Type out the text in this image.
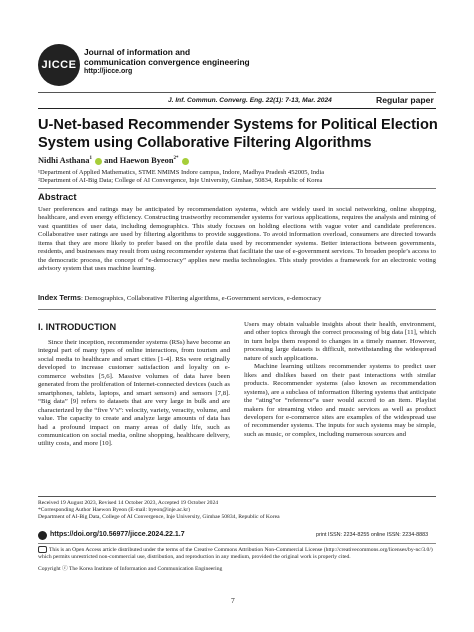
JICCE
Journal of information and
communication convergence engineering
http://jicce.org
J. Inf. Commun. Converg. Eng. 22(1): 7-13, Mar. 2024	Regular paper
U-Net-based Recommender Systems for Political Election
System using Collaborative Filtering Algorithms
Nidhi Asthana$^1$ and Haewon Byeon$^{2*}$
¹Department of Applied Mathematics, STME NMIMS Indore campus, Indore, Madhya Pradesh 452005, India
²Department of AI-Big Data; College of AI Convergence, Inje University, Gimhae, 50834, Republic of Korea
Abstract
User preferences and ratings may be anticipated by recommendation systems, which are widely used in social networking, online shopping, healthcare, and even energy efficiency. Constructing trustworthy recommender systems for various applications, requires the analysis and mining of vast quantities of user data, including demographics. This study focuses on holding elections with vague voter and candidate preferences. Collaborative user ratings are used by filtering algorithms to provide suggestions. To avoid information overload, consumers are directed towards items that they are more likely to prefer based on the profile data used by recommender systems. Better interactions between governments, residents, and businesses may result from using recommender systems that facilitate the use of e-government services. To broaden people’s access to the democratic process, the concept of “e-democracy” applies new media technologies. This study provides a framework for an electronic voting advisory system that uses machine learning.
Index Terms: Demographics, Collaborative Filtering algorithms, e-Government services, e-democracy
I. INTRODUCTION

Since their inception, recommender systems (RSs) have become an integral part of many types of online interactions, from tourism and social media to healthcare and smart cities [1-4]. RSs were originally developed to increase customer satisfaction and loyalty on e-commerce websites [5,6]. Massive volumes of data have been generated from the proliferation of Internet-connected devices (such as smartphones, tablets, laptops, and smart sensors) and sensors [7,8]. “Big data” [9] refers to datasets that are very large in bulk and are characterized by the “five V’s”: velocity, variety, veracity, volume, and value. The capacity to create and analyze large amounts of data has had a profound impact on many areas of daily life, such as communication on social media, online shopping, healthcare delivery, utility costs, and more [10].

Users may obtain valuable insights about their health, environment, and other topics through the correct processing of big data [11], which in turn helps them respond to changes in a timely manner. However, processing large datasets is difficult, notwithstanding the widespread nature of such applications.

Machine learning utilizes recommender systems to predict user likes and dislikes based on their past interactions with similar products. Recommender systems (also known as recommendation systems), are a subclass of information filtering systems that anticipate the “ating”or “reference”a user would accord to an item. Playlist makers for streaming video and music services as well as product developers for e-commerce sites are examples of the widespread use of recommender systems. The inputs for such systems may be simple, such as music, or complex, including numerous sources and

Received 19 August 2023, Revised 14 October 2023, Accepted 19 October 2024
*Corresponding Author Haewon Byeon (E-mail: byeon@inje.ac.kr)
Department of AI-Big Data, College of AI Convergence, Inje University, Gimhae 50834, Republic of Korea
https://doi.org/10.56977/jicce.2024.22.1.7	print ISSN: 2234-8255 online ISSN: 2234-8883
This is an Open Access article distributed under the terms of the Creative Commons Attribution Non-Commercial License (http://creativecommons.org/licenses/by-nc/3.0/) which permits unrestricted non-commercial use, distribution, and reproduction in any medium, provided the original work is properly cited.
Copyright ⓒ The Korea Institute of Information and Communication Engineering
7
